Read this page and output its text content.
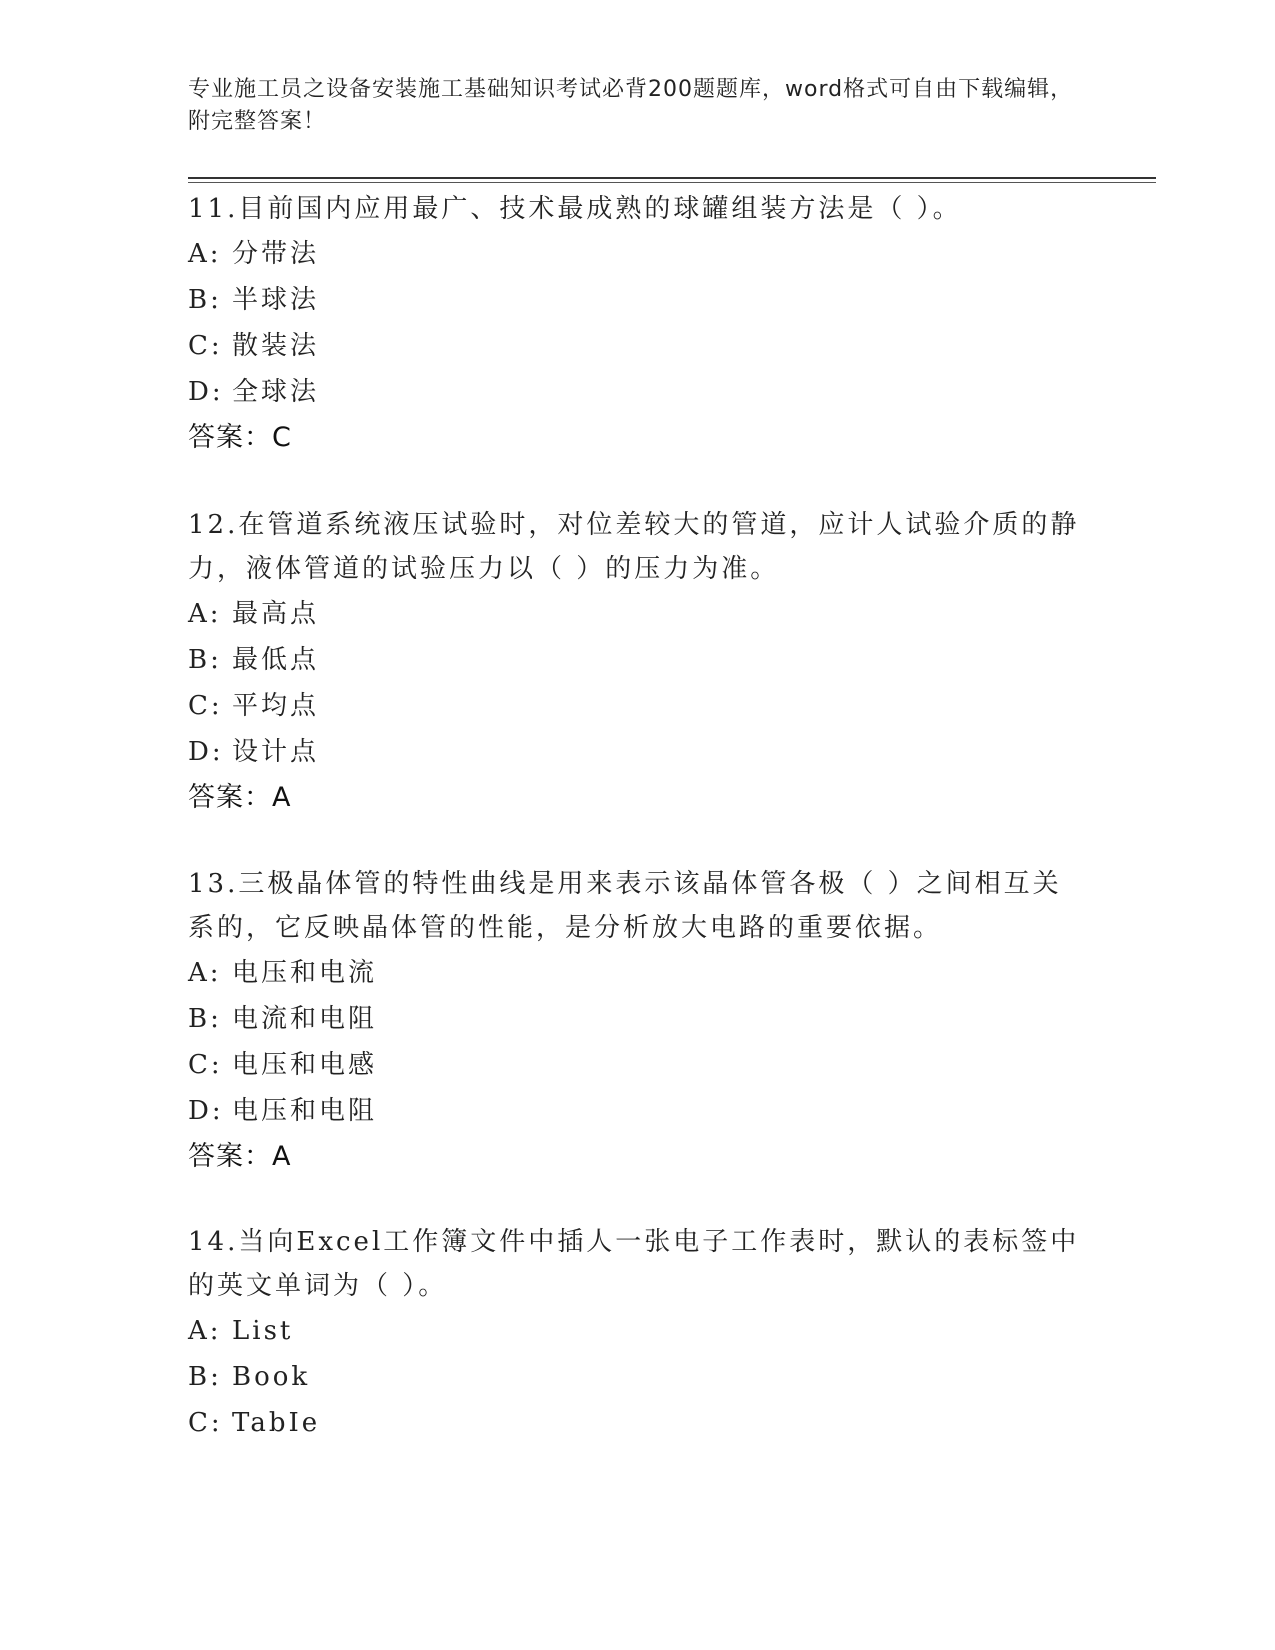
专业施工员之设备安装施工基础知识考试必背200题题库，word格式可自由下载编辑，附完整答案！

11.目前国内应用最广、技术最成熟的球罐组装方法是（ ）。

A: 分带法

B: 半球法

C: 散装法

D: 全球法

答案：C

12.在管道系统液压试验时，对位差较大的管道，应计人试验介质的静力，液体管道的试验压力以（ ）的压力为准。

A: 最高点

B: 最低点

C: 平均点

D: 设计点

答案：A

13.三极晶体管的特性曲线是用来表示该晶体管各极（ ）之间相互关系的，它反映晶体管的性能，是分析放大电路的重要依据。

A: 电压和电流

B: 电流和电阻

C: 电压和电感

D: 电压和电阻

答案：A

14.当向Excel工作簿文件中插人一张电子工作表时，默认的表标签中的英文单词为（ ）。

A: List

B: Book

C: TabIe
